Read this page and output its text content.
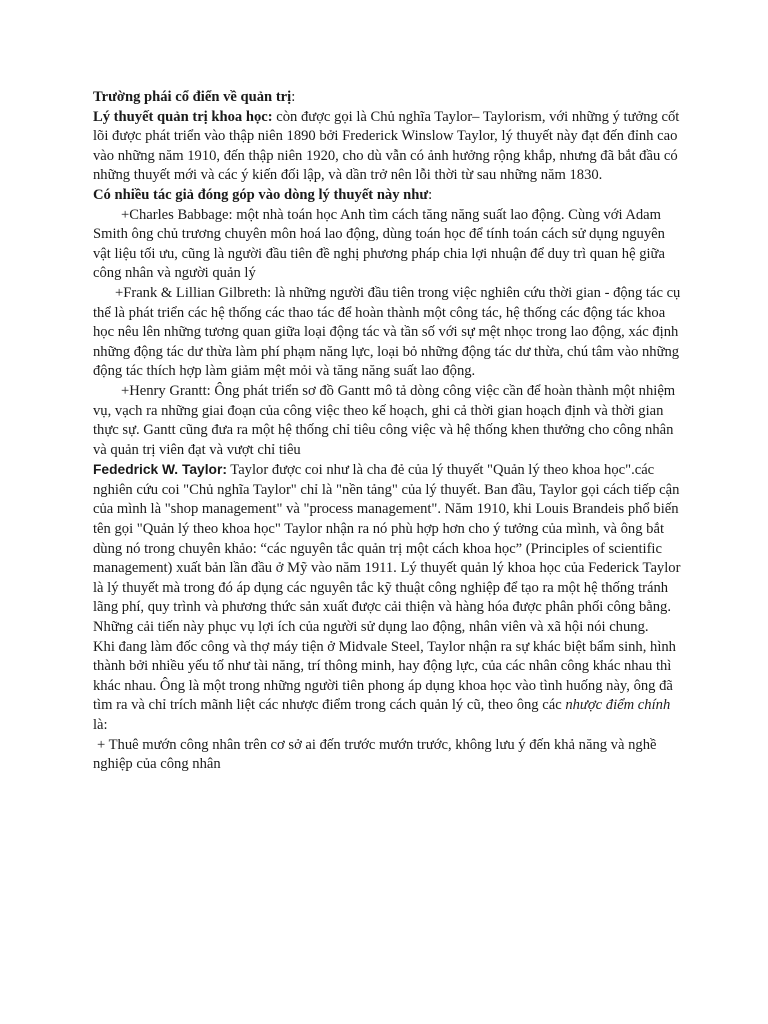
Trường phái cổ điển về quản trị:

Lý thuyết quản trị khoa học: còn được gọi là Chủ nghĩa Taylor– Taylorism, với những ý tưởng cốt lõi được phát triển vào thập niên 1890 bởi Frederick Winslow Taylor, lý thuyết này đạt đến đỉnh cao vào những năm 1910, đến thập niên 1920, cho dù vẫn có ảnh hưởng rộng khắp, nhưng đã bắt đầu có những thuyết mới và các ý kiến đối lập, và dần trở nên lỗi thời từ sau những năm 1830.

Có nhiều tác giả đóng góp vào dòng lý thuyết này như:

+Charles Babbage: một nhà toán học Anh tìm cách tăng năng suất lao động. Cùng với Adam Smith ông chủ trương chuyên môn hoá lao động, dùng toán học để tính toán cách sử dụng nguyên vật liệu tối ưu, cũng là người đầu tiên đề nghị phương pháp chia lợi nhuận để duy trì quan hệ giữa công nhân và người quản lý

+Frank & Lillian Gilbreth: là những người đầu tiên trong việc nghiên cứu thời gian - động tác cụ thể là phát triển các hệ thống các thao tác để hoàn thành một công tác, hệ thống các động tác khoa học nêu lên những tương quan giữa loại động tác và tần số với sự mệt nhọc trong lao động, xác định những động tác dư thừa làm phí phạm năng lực, loại bỏ những động tác dư thừa, chú tâm vào những động tác thích hợp làm giảm mệt mỏi và tăng năng suất lao động.

+Henry Grantt: Ông phát triển sơ đồ Gantt mô tả dòng công việc cần để hoàn thành một nhiệm vụ, vạch ra những giai đoạn của công việc theo kế hoạch, ghi cả thời gian hoạch định và thời gian thực sự. Gantt cũng đưa ra một hệ thống chỉ tiêu công việc và hệ thống khen thưởng cho công nhân và quản trị viên đạt và vượt chỉ tiêu

Fededrick W. Taylor: Taylor được coi như là cha đẻ của lý thuyết "Quản lý theo khoa học".các nghiên cứu coi "Chủ nghĩa Taylor" chỉ là "nền tảng" của lý thuyết. Ban đầu, Taylor gọi cách tiếp cận của mình là "shop management" và "process management". Năm 1910, khi Louis Brandeis phổ biến tên gọi "Quản lý theo khoa học" Taylor nhận ra nó phù hợp hơn cho ý tưởng của mình, và ông bắt dùng nó trong chuyên khảo: “các nguyên tắc quản trị một cách khoa học” (Principles of scientific management) xuất bản lần đầu ở Mỹ vào năm 1911. Lý thuyết quản lý khoa học của Federick Taylor là lý thuyết mà trong đó áp dụng các nguyên tắc kỹ thuật công nghiệp để tạo ra một hệ thống tránh lãng phí, quy trình và phương thức sản xuất được cải thiện và hàng hóa được phân phối công bằng. Những cải tiến này phục vụ lợi ích của người sử dụng lao động, nhân viên và xã hội nói chung.

Khi đang làm đốc công và thợ máy tiện ở Midvale Steel, Taylor nhận ra sự khác biệt bẩm sinh, hình thành bởi nhiều yếu tố như tài năng, trí thông minh, hay động lực, của các nhân công khác nhau thì khác nhau. Ông là một trong những người tiên phong áp dụng khoa học vào tình huống này, ông đã tìm ra và chỉ trích mãnh liệt các nhược điểm trong cách quản lý cũ, theo ông các nhược điểm chính là:

+ Thuê mướn công nhân trên cơ sở ai đến trước mướn trước, không lưu ý đến khả năng và nghề nghiệp của công nhân
